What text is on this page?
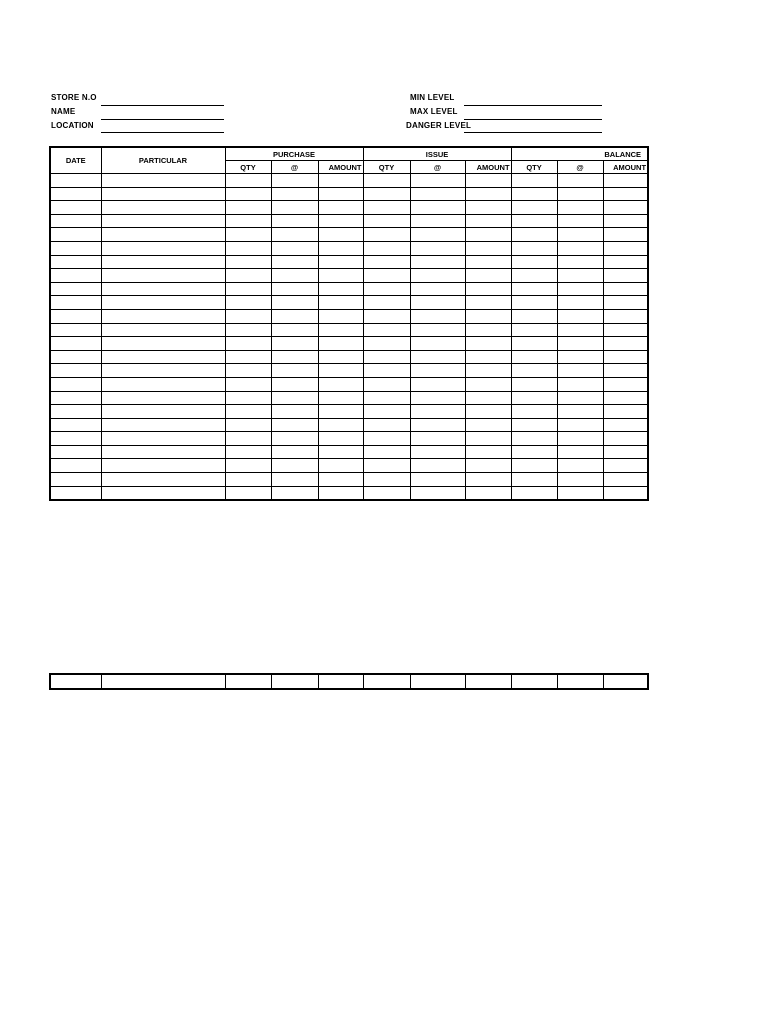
STORE N.O
NAME
LOCATION
MIN LEVEL
MAX LEVEL
DANGER LEVEL
DATE	PARTICULAR	PURCHASE			ISSUE			BALANCE		
		QTY	@	AMOUNT	QTY	@	AMOUNT	QTY	@	AMOUNT
